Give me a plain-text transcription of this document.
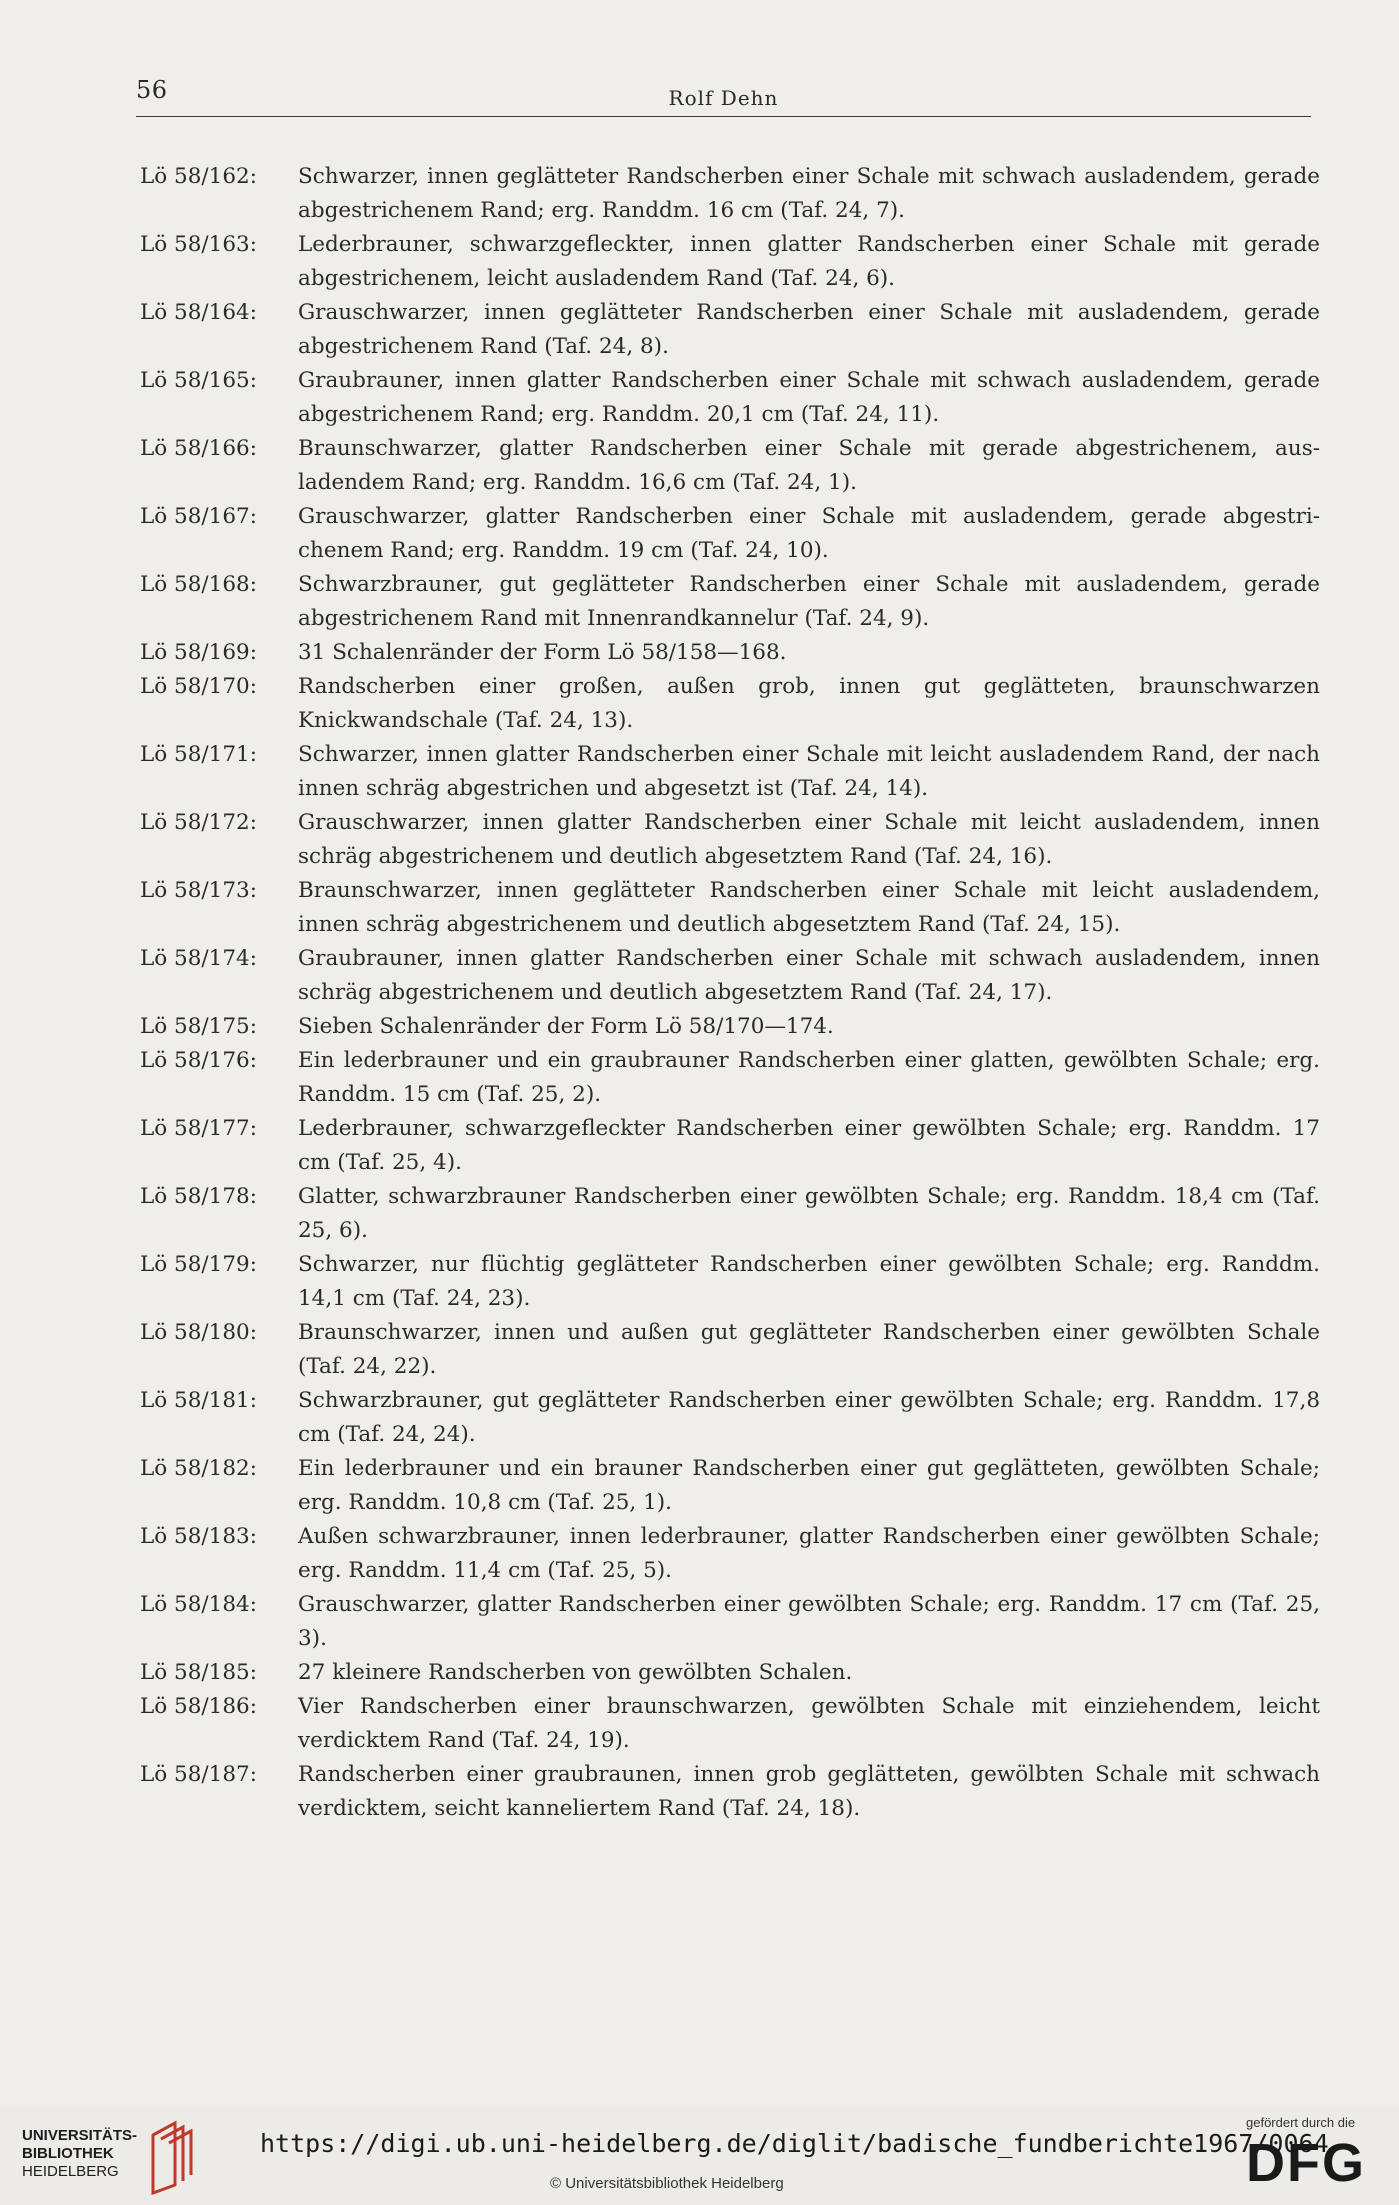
56	Rolf Dehn
Lö 58/162:	Schwarzer, innen geglätteter Randscherben einer Schale mit schwach ausladendem, gerade abgestrichenem Rand; erg. Randdm. 16 cm (Taf. 24, 7).
Lö 58/163:	Lederbrauner, schwarzgefleckter, innen glatter Randscherben einer Schale mit gerade abgestrichenem, leicht ausladendem Rand (Taf. 24, 6).
Lö 58/164:	Grauschwarzer, innen geglätteter Randscherben einer Schale mit ausladendem, gerade abgestrichenem Rand (Taf. 24, 8).
Lö 58/165:	Graubrauner, innen glatter Randscherben einer Schale mit schwach ausladendem, gerade abgestrichenem Rand; erg. Randdm. 20,1 cm (Taf. 24, 11).
Lö 58/166:	Braunschwarzer, glatter Randscherben einer Schale mit gerade abgestrichenem, ausladendem Rand; erg. Randdm. 16,6 cm (Taf. 24, 1).
Lö 58/167:	Grauschwarzer, glatter Randscherben einer Schale mit ausladendem, gerade abgestrichenem Rand; erg. Randdm. 19 cm (Taf. 24, 10).
Lö 58/168:	Schwarzbrauner, gut geglätteter Randscherben einer Schale mit ausladendem, gerade abgestrichenem Rand mit Innenrandkannelur (Taf. 24, 9).
Lö 58/169:	31 Schalenränder der Form Lö 58/158—168.
Lö 58/170:	Randscherben einer großen, außen grob, innen gut geglätteten, braunschwarzen Knickwandschale (Taf. 24, 13).
Lö 58/171:	Schwarzer, innen glatter Randscherben einer Schale mit leicht ausladendem Rand, der nach innen schräg abgestrichen und abgesetzt ist (Taf. 24, 14).
Lö 58/172:	Grauschwarzer, innen glatter Randscherben einer Schale mit leicht ausladendem, innen schräg abgestrichenem und deutlich abgesetztem Rand (Taf. 24, 16).
Lö 58/173:	Braunschwarzer, innen geglätteter Randscherben einer Schale mit leicht ausladendem, innen schräg abgestrichenem und deutlich abgesetztem Rand (Taf. 24, 15).
Lö 58/174:	Graubrauner, innen glatter Randscherben einer Schale mit schwach ausladendem, innen schräg abgestrichenem und deutlich abgesetztem Rand (Taf. 24, 17).
Lö 58/175:	Sieben Schalenränder der Form Lö 58/170—174.
Lö 58/176:	Ein lederbrauner und ein graubrauner Randscherben einer glatten, gewölbten Schale; erg. Randdm. 15 cm (Taf. 25, 2).
Lö 58/177:	Lederbrauner, schwarzgefleckter Randscherben einer gewölbten Schale; erg. Randdm. 17 cm (Taf. 25, 4).
Lö 58/178:	Glatter, schwarzbrauner Randscherben einer gewölbten Schale; erg. Randdm. 18,4 cm (Taf. 25, 6).
Lö 58/179:	Schwarzer, nur flüchtig geglätteter Randscherben einer gewölbten Schale; erg. Randdm. 14,1 cm (Taf. 24, 23).
Lö 58/180:	Braunschwarzer, innen und außen gut geglätteter Randscherben einer gewölbten Schale (Taf. 24, 22).
Lö 58/181:	Schwarzbrauner, gut geglätteter Randscherben einer gewölbten Schale; erg. Randdm. 17,8 cm (Taf. 24, 24).
Lö 58/182:	Ein lederbrauner und ein brauner Randscherben einer gut geglätteten, gewölbten Schale; erg. Randdm. 10,8 cm (Taf. 25, 1).
Lö 58/183:	Außen schwarzbrauner, innen lederbrauner, glatter Randscherben einer gewölbten Schale; erg. Randdm. 11,4 cm (Taf. 25, 5).
Lö 58/184:	Grauschwarzer, glatter Randscherben einer gewölbten Schale; erg. Randdm. 17 cm (Taf. 25, 3).
Lö 58/185:	27 kleinere Randscherben von gewölbten Schalen.
Lö 58/186:	Vier Randscherben einer braunschwarzen, gewölbten Schale mit einziehendem, leicht verdicktem Rand (Taf. 24, 19).
Lö 58/187:	Randscherben einer graubraunen, innen grob geglätteten, gewölbten Schale mit schwach verdicktem, seicht kanneliertem Rand (Taf. 24, 18).
UNIVERSITÄTS-
BIBLIOTHEK
HEIDELBERG
https://digi.ub.uni-heidelberg.de/diglit/badische_fundberichte1967/0064
© Universitätsbibliothek Heidelberg
gefördert durch die
DFG
